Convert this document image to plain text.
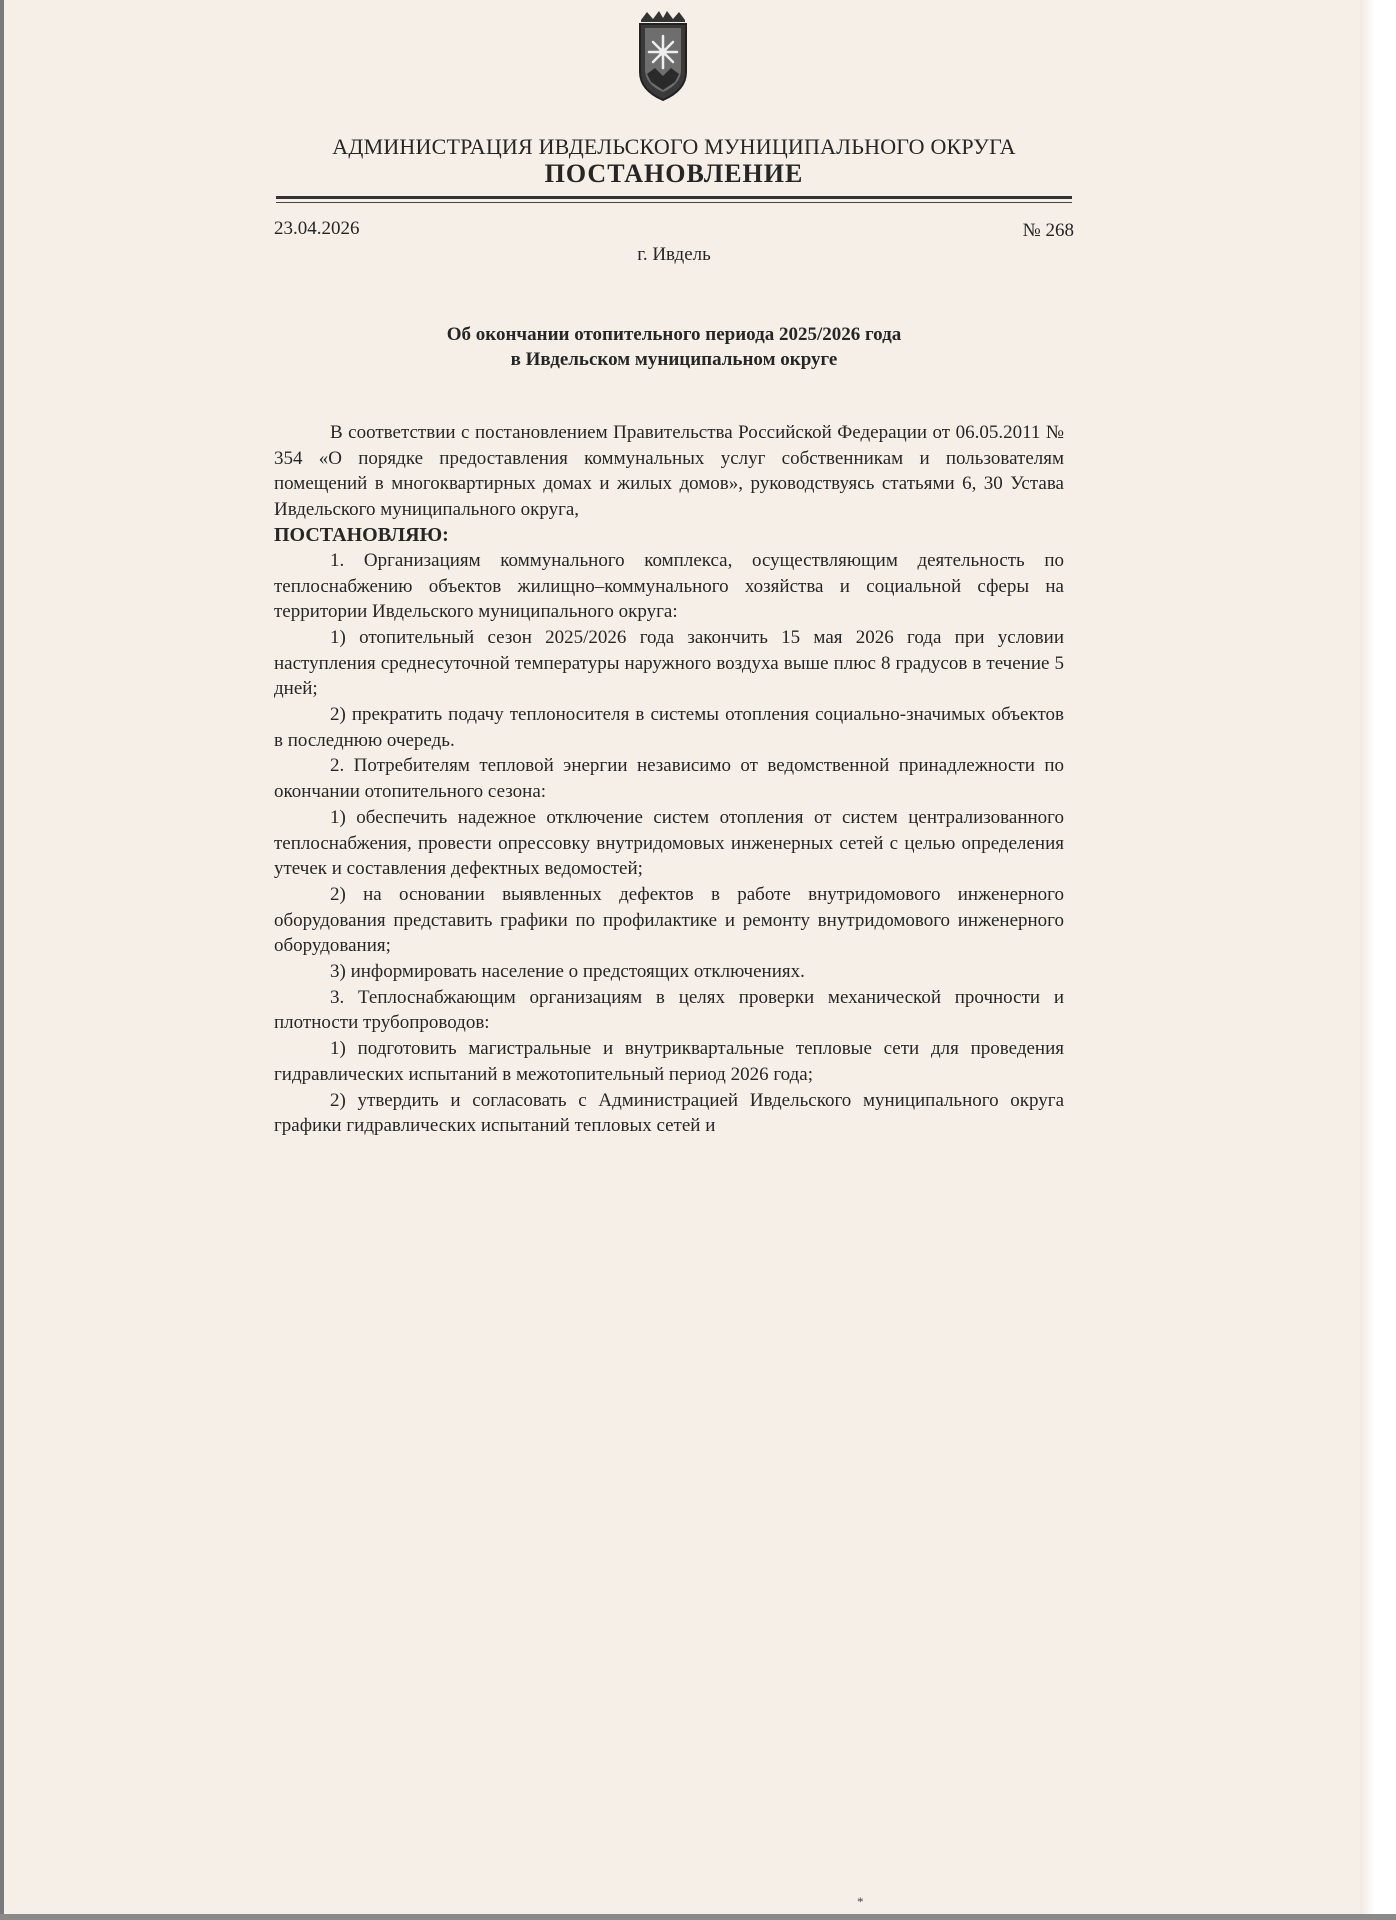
АДМИНИСТРАЦИЯ ИВДЕЛЬСКОГО МУНИЦИПАЛЬНОГО ОКРУГА
ПОСТАНОВЛЕНИЕ
23.04.2026	№ 268
г. Ивдель
Об окончании отопительного периода 2025/2026 года
в Ивдельском муниципальном округе

В соответствии с постановлением Правительства Российской Федерации от 06.05.2011 № 354 «О порядке предоставления коммунальных услуг собственникам и пользователям помещений в многоквартирных домах и жилых домов», руководствуясь статьями 6, 30 Устава Ивдельского муниципального округа,

ПОСТАНОВЛЯЮ:

1. Организациям коммунального комплекса, осуществляющим деятельность по теплоснабжению объектов жилищно–коммунального хозяйства и социальной сферы на территории Ивдельского муниципального округа:

1) отопительный сезон 2025/2026 года закончить 15 мая 2026 года при условии наступления среднесуточной температуры наружного воздуха выше плюс 8 градусов в течение 5 дней;

2) прекратить подачу теплоносителя в системы отопления социально-значимых объектов в последнюю очередь.

2. Потребителям тепловой энергии независимо от ведомственной принадлежности по окончании отопительного сезона:

1) обеспечить надежное отключение систем отопления от систем централизованного теплоснабжения, провести опрессовку внутридомовых инженерных сетей с целью определения утечек и составления дефектных ведомостей;

2) на основании выявленных дефектов в работе внутридомового инженерного оборудования представить графики по профилактике и ремонту внутридомового инженерного оборудования;

3) информировать население о предстоящих отключениях.

3. Теплоснабжающим организациям в целях проверки механической прочности и плотности трубопроводов:

1) подготовить магистральные и внутриквартальные тепловые сети для проведения гидравлических испытаний в межотопительный период 2026 года;

2) утвердить и согласовать с Администрацией Ивдельского муниципального округа графики гидравлических испытаний тепловых сетей и

*
